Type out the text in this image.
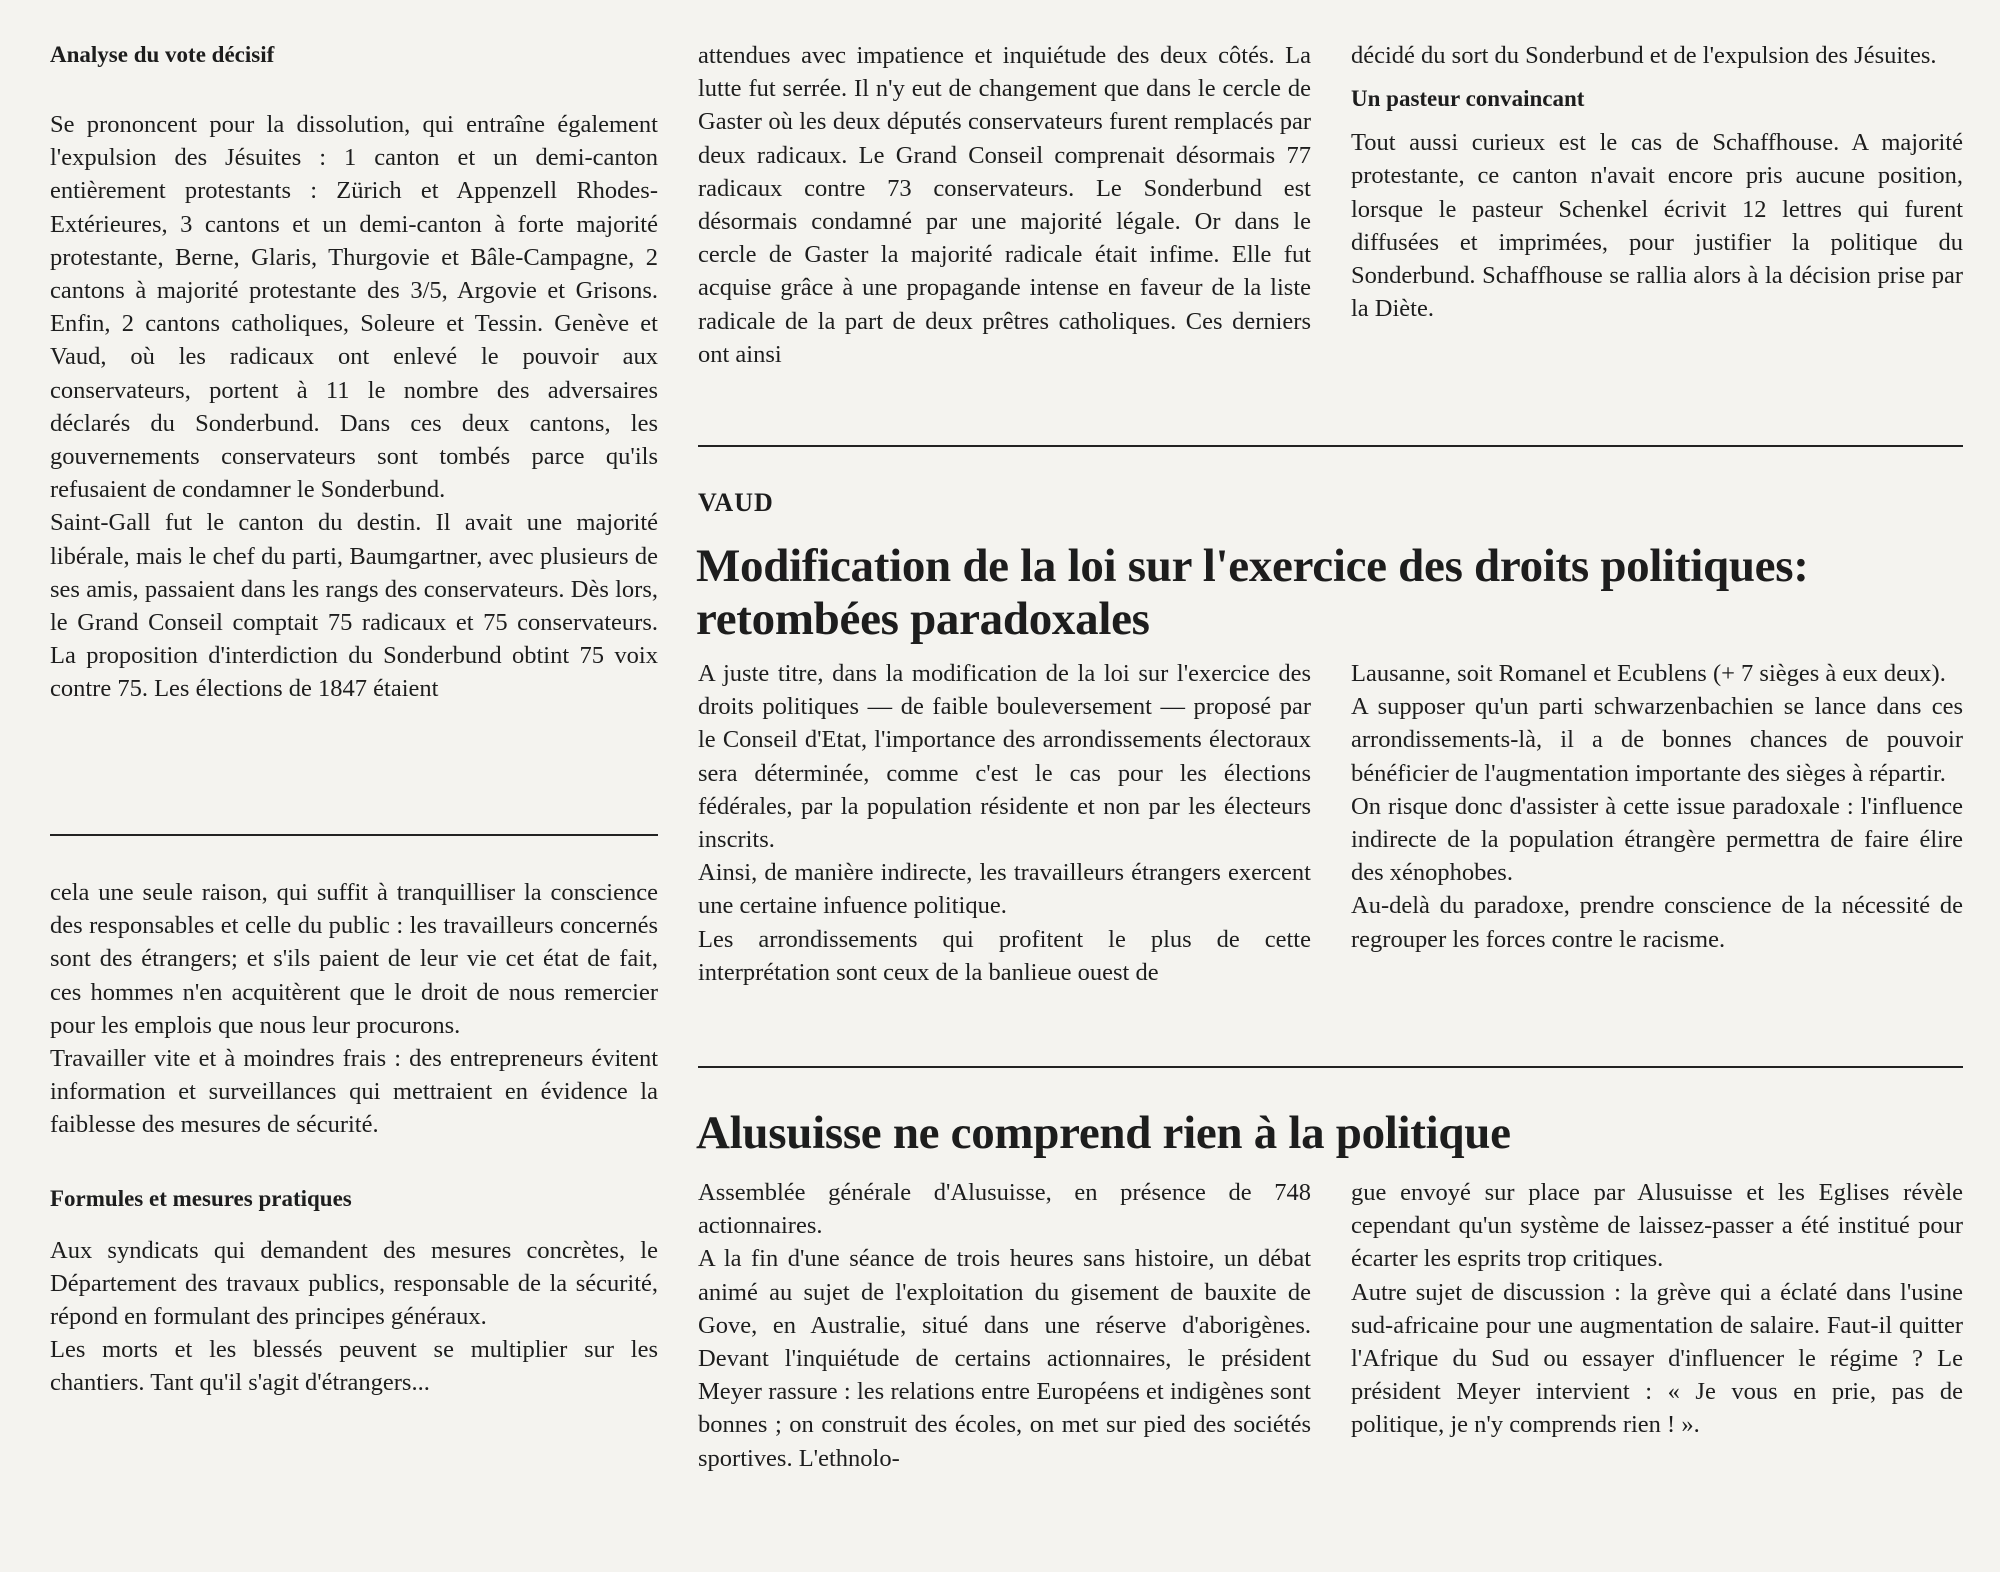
Analyse du vote décisif

Se prononcent pour la dissolution, qui entraîne également l'expulsion des Jésuites : 1 canton et un demi-canton entièrement protestants : Zürich et Appenzell Rhodes-Extérieures, 3 cantons et un demi-canton à forte majorité protestante, Berne, Glaris, Thurgovie et Bâle-Campagne, 2 cantons à majorité protestante des 3/5, Argovie et Grisons. Enfin, 2 cantons catholiques, Soleure et Tessin. Genève et Vaud, où les radicaux ont enlevé le pouvoir aux conservateurs, portent à 11 le nombre des adversaires déclarés du Sonderbund. Dans ces deux cantons, les gouvernements conservateurs sont tombés parce qu'ils refusaient de condamner le Sonderbund.

Saint-Gall fut le canton du destin. Il avait une majorité libérale, mais le chef du parti, Baumgartner, avec plusieurs de ses amis, passaient dans les rangs des conservateurs. Dès lors, le Grand Conseil comptait 75 radicaux et 75 conservateurs. La proposition d'interdiction du Sonderbund obtint 75 voix contre 75. Les élections de 1847 étaient

cela une seule raison, qui suffit à tranquilliser la conscience des responsables et celle du public : les travailleurs concernés sont des étrangers; et s'ils paient de leur vie cet état de fait, ces hommes n'en acquitèrent que le droit de nous remercier pour les emplois que nous leur procurons.

Travailler vite et à moindres frais : des entrepreneurs évitent information et surveillances qui mettraient en évidence la faiblesse des mesures de sécurité.

Formules et mesures pratiques

Aux syndicats qui demandent des mesures concrètes, le Département des travaux publics, responsable de la sécurité, répond en formulant des principes généraux.

Les morts et les blessés peuvent se multiplier sur les chantiers. Tant qu'il s'agit d'étrangers...

attendues avec impatience et inquiétude des deux côtés. La lutte fut serrée. Il n'y eut de changement que dans le cercle de Gaster où les deux députés conservateurs furent remplacés par deux radicaux. Le Grand Conseil comprenait désormais 77 radicaux contre 73 conservateurs. Le Sonderbund est désormais condamné par une majorité légale. Or dans le cercle de Gaster la majorité radicale était infime. Elle fut acquise grâce à une propagande intense en faveur de la liste radicale de la part de deux prêtres catholiques. Ces derniers ont ainsi

décidé du sort du Sonderbund et de l'expulsion des Jésuites.

Un pasteur convaincant

Tout aussi curieux est le cas de Schaffhouse. A majorité protestante, ce canton n'avait encore pris aucune position, lorsque le pasteur Schenkel écrivit 12 lettres qui furent diffusées et imprimées, pour justifier la politique du Sonderbund. Schaffhouse se rallia alors à la décision prise par la Diète.

VAUD

Modification de la loi sur l'exercice des droits politiques: retombées paradoxales

A juste titre, dans la modification de la loi sur l'exercice des droits politiques — de faible bouleversement — proposé par le Conseil d'Etat, l'importance des arrondissements électoraux sera déterminée, comme c'est le cas pour les élections fédérales, par la population résidente et non par les électeurs inscrits.

Ainsi, de manière indirecte, les travailleurs étrangers exercent une certaine infuence politique.

Les arrondissements qui profitent le plus de cette interprétation sont ceux de la banlieue ouest de

Lausanne, soit Romanel et Ecublens (+ 7 sièges à eux deux).

A supposer qu'un parti schwarzenbachien se lance dans ces arrondissements-là, il a de bonnes chances de pouvoir bénéficier de l'augmentation importante des sièges à répartir.

On risque donc d'assister à cette issue paradoxale : l'influence indirecte de la population étrangère permettra de faire élire des xénophobes.

Au-delà du paradoxe, prendre conscience de la nécessité de regrouper les forces contre le racisme.

Alusuisse ne comprend rien à la politique

Assemblée générale d'Alusuisse, en présence de 748 actionnaires.

A la fin d'une séance de trois heures sans histoire, un débat animé au sujet de l'exploitation du gisement de bauxite de Gove, en Australie, situé dans une réserve d'aborigènes. Devant l'inquiétude de certains actionnaires, le président Meyer rassure : les relations entre Européens et indigènes sont bonnes ; on construit des écoles, on met sur pied des sociétés sportives. L'ethnolo-

gue envoyé sur place par Alusuisse et les Eglises révèle cependant qu'un système de laissez-passer a été institué pour écarter les esprits trop critiques.

Autre sujet de discussion : la grève qui a éclaté dans l'usine sud-africaine pour une augmentation de salaire. Faut-il quitter l'Afrique du Sud ou essayer d'influencer le régime ? Le président Meyer intervient : « Je vous en prie, pas de politique, je n'y comprends rien ! ».
